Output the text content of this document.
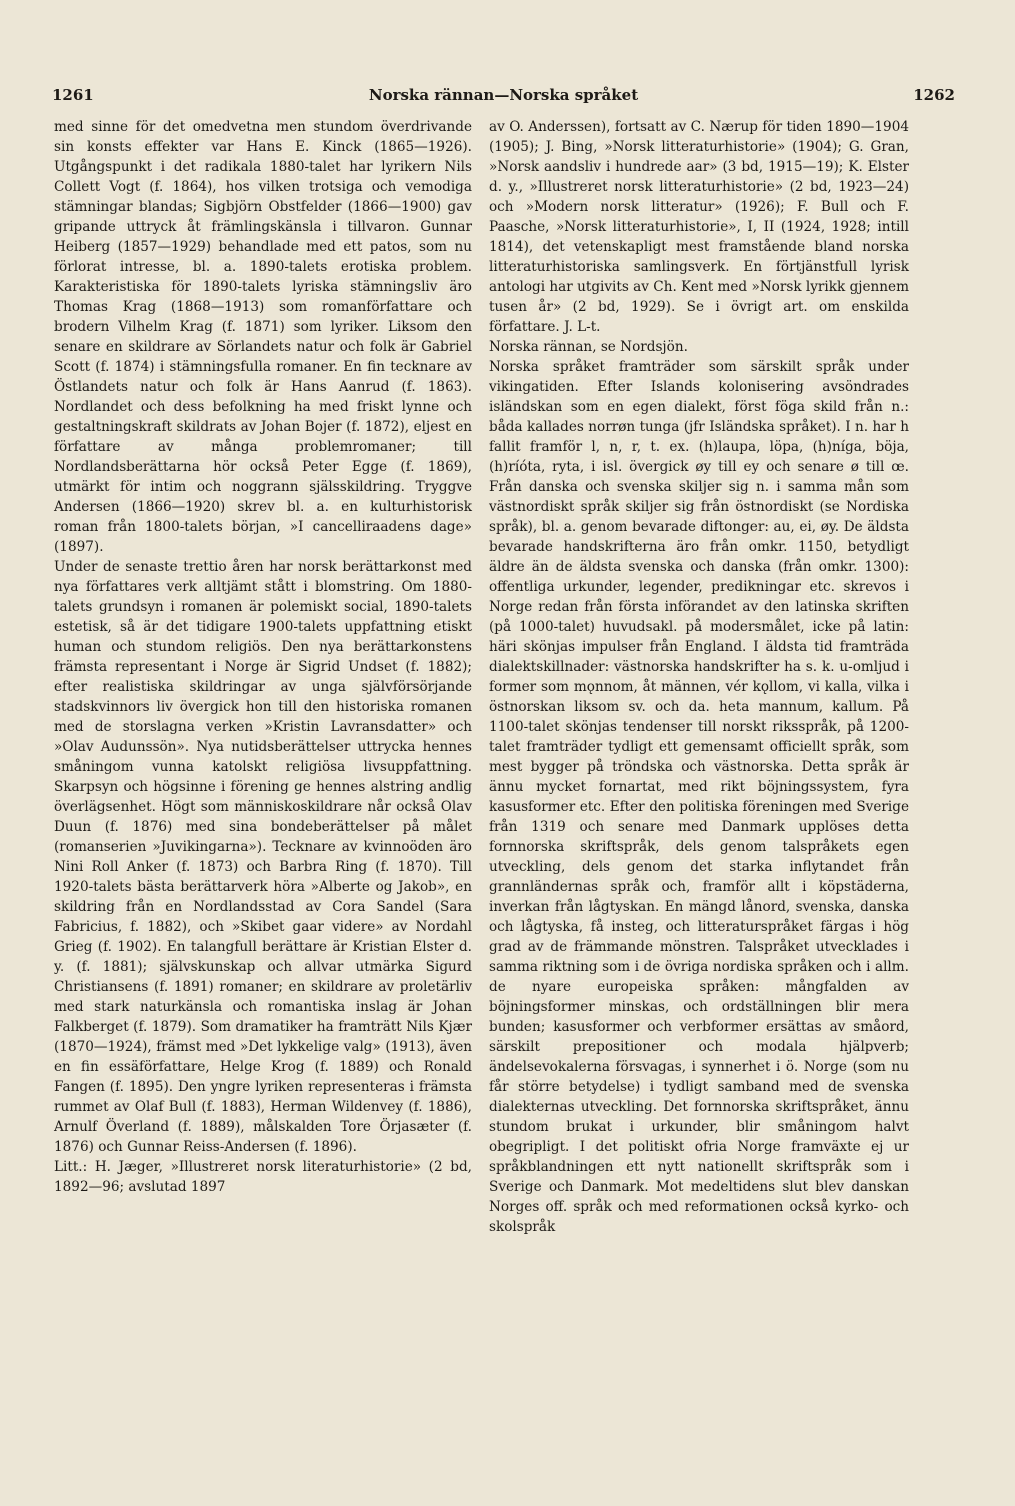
1261	Norska rännan—Norska språket	1262

med sinne för det omedvetna men stundom överdrivande sin konsts effekter var Hans E. Kinck (1865—1926). Utgångspunkt i det radikala 1880-talet har lyrikern Nils Collett Vogt (f. 1864), hos vilken trotsiga och vemodiga stämningar blandas; Sigbjörn Obstfelder (1866—1900) gav gripande uttryck åt främlingskänsla i tillvaron. Gunnar Heiberg (1857—1929) behandlade med ett patos, som nu förlorat intresse, bl. a. 1890-talets erotiska problem. Karakteristiska för 1890-talets lyriska stämningsliv äro Thomas Krag (1868—1913) som romanförfattare och brodern Vilhelm Krag (f. 1871) som lyriker. Liksom den senare en skildrare av Sörlandets natur och folk är Gabriel Scott (f. 1874) i stämningsfulla romaner. En fin tecknare av Östlandets natur och folk är Hans Aanrud (f. 1863). Nordlandet och dess befolkning ha med friskt lynne och gestaltningskraft skildrats av Johan Bojer (f. 1872), eljest en författare av många problemromaner; till Nordlandsberättarna hör också Peter Egge (f. 1869), utmärkt för intim och noggrann själsskildring. Tryggve Andersen (1866—1920) skrev bl. a. en kulturhistorisk roman från 1800-talets början, »I cancelliraadens dage» (1897).

Under de senaste trettio åren har norsk berättarkonst med nya författares verk alltjämt stått i blomstring. Om 1880-talets grundsyn i romanen är polemiskt social, 1890-talets estetisk, så är det tidigare 1900-talets uppfattning etiskt human och stundom religiös. Den nya berättarkonstens främsta representant i Norge är Sigrid Undset (f. 1882); efter realistiska skildringar av unga självförsörjande stadskvinnors liv övergick hon till den historiska romanen med de storslagna verken »Kristin Lavransdatter» och »Olav Audunssön». Nya nutidsberättelser uttrycka hennes småningom vunna katolskt religiösa livsuppfattning. Skarpsyn och högsinne i förening ge hennes alstring andlig överlägsenhet. Högt som människoskildrare når också Olav Duun (f. 1876) med sina bondeberättelser på målet (romanserien »Juvikingarna»). Tecknare av kvinnoöden äro Nini Roll Anker (f. 1873) och Barbra Ring (f. 1870). Till 1920-talets bästa berättarverk höra »Alberte og Jakob», en skildring från en Nordlandsstad av Cora Sandel (Sara Fabricius, f. 1882), och »Skibet gaar videre» av Nordahl Grieg (f. 1902). En talangfull berättare är Kristian Elster d. y. (f. 1881); självskunskap och allvar utmärka Sigurd Christiansens (f. 1891) romaner; en skildrare av proletärliv med stark naturkänsla och romantiska inslag är Johan Falkberget (f. 1879). Som dramatiker ha framträtt Nils Kjær (1870—1924), främst med »Det lykkelige valg» (1913), även en fin essäförfattare, Helge Krog (f. 1889) och Ronald Fangen (f. 1895). Den yngre lyriken representeras i främsta rummet av Olaf Bull (f. 1883), Herman Wildenvey (f. 1886), Arnulf Överland (f. 1889), målskalden Tore Örjasæter (f. 1876) och Gunnar Reiss-Andersen (f. 1896).

Litt.: H. Jæger, »Illustreret norsk literaturhistorie» (2 bd, 1892—96; avslutad 1897

av O. Anderssen), fortsatt av C. Nærup för tiden 1890—1904 (1905); J. Bing, »Norsk litteraturhistorie» (1904); G. Gran, »Norsk aandsliv i hundrede aar» (3 bd, 1915—19); K. Elster d. y., »Illustreret norsk litteraturhistorie» (2 bd, 1923—24) och »Modern norsk litteratur» (1926); F. Bull och F. Paasche, »Norsk litteraturhistorie», I, II (1924, 1928; intill 1814), det vetenskapligt mest framstående bland norska litteraturhistoriska samlingsverk. En förtjänstfull lyrisk antologi har utgivits av Ch. Kent med »Norsk lyrikk gjennem tusen år» (2 bd, 1929). Se i övrigt art. om enskilda författare. J. L-t.

Norska rännan, se Nordsjön.

Norska språket framträder som särskilt språk under vikingatiden. Efter Islands kolonisering avsöndrades isländskan som en egen dialekt, först föga skild från n.: båda kallades norrøn tunga (jfr Isländska språket). I n. har h fallit framför l, n, r, t. ex. (h)laupa, löpa, (h)níga, böja, (h)ríóta, ryta, i isl. övergick øy till ey och senare ø till œ. Från danska och svenska skiljer sig n. i samma mån som västnordiskt språk skiljer sig från östnordiskt (se Nordiska språk), bl. a. genom bevarade diftonger: au, ei, øy. De äldsta bevarade handskrifterna äro från omkr. 1150, betydligt äldre än de äldsta svenska och danska (från omkr. 1300): offentliga urkunder, legender, predikningar etc. skrevos i Norge redan från första införandet av den latinska skriften (på 1000-talet) huvudsakl. på modersmålet, icke på latin: häri skönjas impulser från England. I äldsta tid framträda dialektskillnader: västnorska handskrifter ha s. k. u-omljud i former som mǫnnom, åt männen, vér kǫllom, vi kalla, vilka i östnorskan liksom sv. och da. heta mannum, kallum. På 1100-talet skönjas tendenser till norskt riksspråk, på 1200-talet framträder tydligt ett gemensamt officiellt språk, som mest bygger på tröndska och västnorska. Detta språk är ännu mycket fornartat, med rikt böjningssystem, fyra kasusformer etc. Efter den politiska föreningen med Sverige från 1319 och senare med Danmark upplöses detta fornnorska skriftspråk, dels genom talspråkets egen utveckling, dels genom det starka inflytandet från grannländernas språk och, framför allt i köpstäderna, inverkan från lågtyskan. En mängd lånord, svenska, danska och lågtyska, få insteg, och litteraturspråket färgas i hög grad av de främmande mönstren. Talspråket utvecklades i samma riktning som i de övriga nordiska språken och i allm. de nyare europeiska språken: mångfalden av böjningsformer minskas, och ordställningen blir mera bunden; kasusformer och verbformer ersättas av småord, särskilt prepositioner och modala hjälpverb; ändelsevokalerna försvagas, i synnerhet i ö. Norge (som nu får större betydelse) i tydligt samband med de svenska dialekternas utveckling. Det fornnorska skriftspråket, ännu stundom brukat i urkunder, blir småningom halvt obegripligt. I det politiskt ofria Norge framväxte ej ur språkblandningen ett nytt nationellt skriftspråk som i Sverige och Danmark. Mot medeltidens slut blev danskan Norges off. språk och med reformationen också kyrko- och skolspråk
